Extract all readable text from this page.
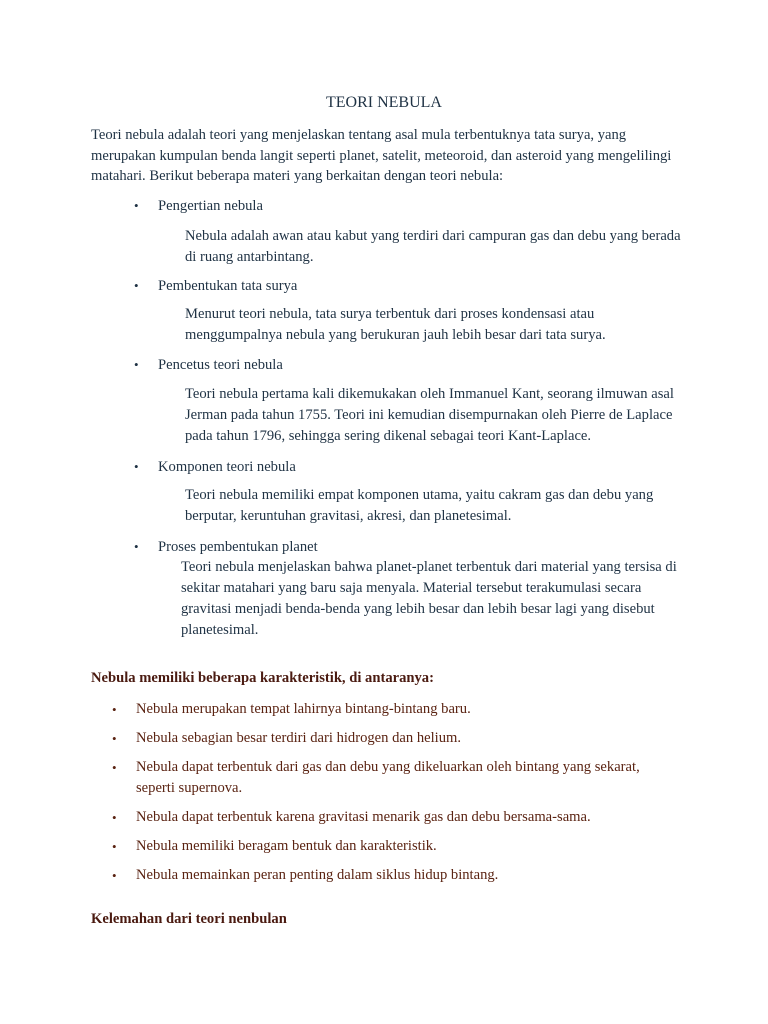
TEORI NEBULA

Teori nebula adalah teori yang menjelaskan tentang asal mula terbentuknya tata surya, yang merupakan kumpulan benda langit seperti planet, satelit, meteoroid, dan asteroid yang mengelilingi matahari. Berikut beberapa materi yang berkaitan dengan teori nebula:

• Pengertian nebula

Nebula adalah awan atau kabut yang terdiri dari campuran gas dan debu yang berada di ruang antarbintang.

• Pembentukan tata surya

Menurut teori nebula, tata surya terbentuk dari proses kondensasi atau menggumpalnya nebula yang berukuran jauh lebih besar dari tata surya.

• Pencetus teori nebula

Teori nebula pertama kali dikemukakan oleh Immanuel Kant, seorang ilmuwan asal Jerman pada tahun 1755. Teori ini kemudian disempurnakan oleh Pierre de Laplace pada tahun 1796, sehingga sering dikenal sebagai teori Kant-Laplace.

• Komponen teori nebula

Teori nebula memiliki empat komponen utama, yaitu cakram gas dan debu yang berputar, keruntuhan gravitasi, akresi, dan planetesimal.

• Proses pembentukan planet

Teori nebula menjelaskan bahwa planet-planet terbentuk dari material yang tersisa di sekitar matahari yang baru saja menyala. Material tersebut terakumulasi secara gravitasi menjadi benda-benda yang lebih besar dan lebih besar lagi yang disebut planetesimal.

Nebula memiliki beberapa karakteristik, di antaranya:
• Nebula merupakan tempat lahirnya bintang-bintang baru.
• Nebula sebagian besar terdiri dari hidrogen dan helium.
• Nebula dapat terbentuk dari gas dan debu yang dikeluarkan oleh bintang yang sekarat, seperti supernova.
• Nebula dapat terbentuk karena gravitasi menarik gas dan debu bersama-sama.
• Nebula memiliki beragam bentuk dan karakteristik.
• Nebula memainkan peran penting dalam siklus hidup bintang.
Kelemahan dari teori nenbulan
